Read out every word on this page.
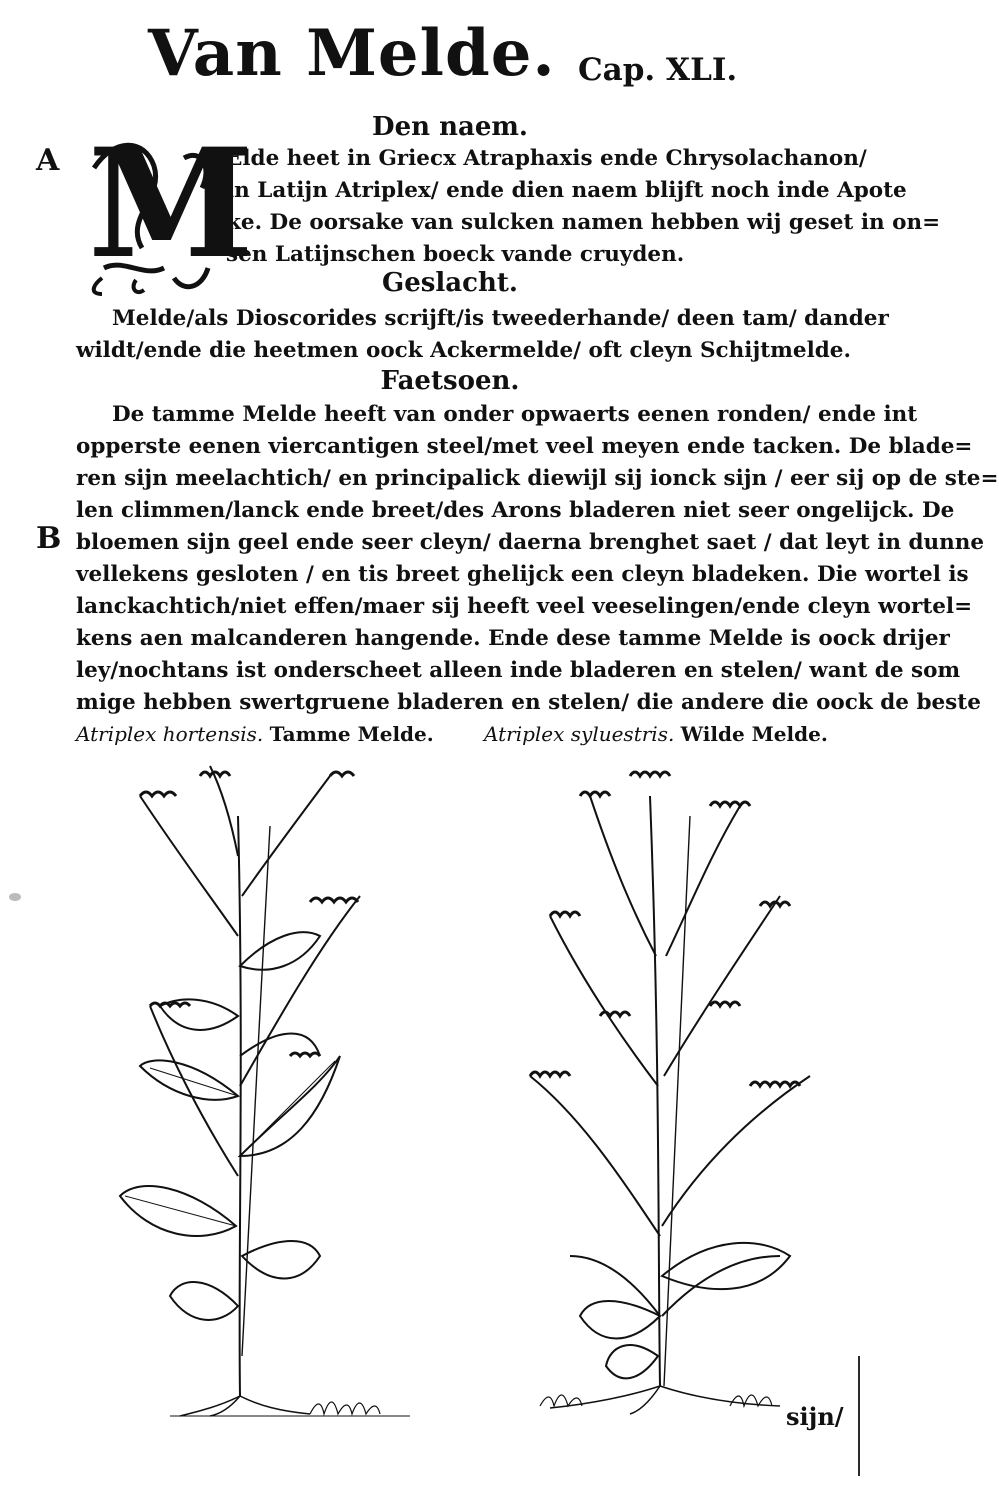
Van Melde. Cap. XLI.
Den naem.
A M
Elde heet in Griecx Atraphaxis ende Chrysolachanon/
in Latijn Atriplex/ ende dien naem blijft noch inde Apote
ke. De oorsake van sulcken namen hebben wij geset in on=
sen Latijnschen boeck vande cruyden.
Geslacht.
Melde/als Dioscorides scrijft/is tweederhande/ deen tam/ dander
wildt/ende die heetmen oock Ackermelde/ oft cleyn Schijtmelde.
Faetsoen.
De tamme Melde heeft van onder opwaerts eenen ronden/ ende int
opperste eenen viercantigen steel/met veel meyen ende tacken. De blade=
ren sijn meelachtich/ en principalick diewijl sij ionck sijn / eer sij op de ste=
len climmen/lanck ende breet/des Arons bladeren niet seer ongelijck. De
B bloemen sijn geel ende seer cleyn/ daerna brenghet saet / dat leyt in dunne
vellekens gesloten / en tis breet ghelijck een cleyn bladeken. Die wortel is
lanckachtich/niet effen/maer sij heeft veel veeselingen/ende cleyn wortel=
kens aen malcanderen hangende. Ende dese tamme Melde is oock drijer
ley/nochtans ist onderscheet alleen inde bladeren en stelen/ want de som
mige hebben swertgruene bladeren en stelen/ die andere die oock de beste
Atriplex hortensis. Tamme Melde.	Atriplex syluestris. Wilde Melde.
sijn/
